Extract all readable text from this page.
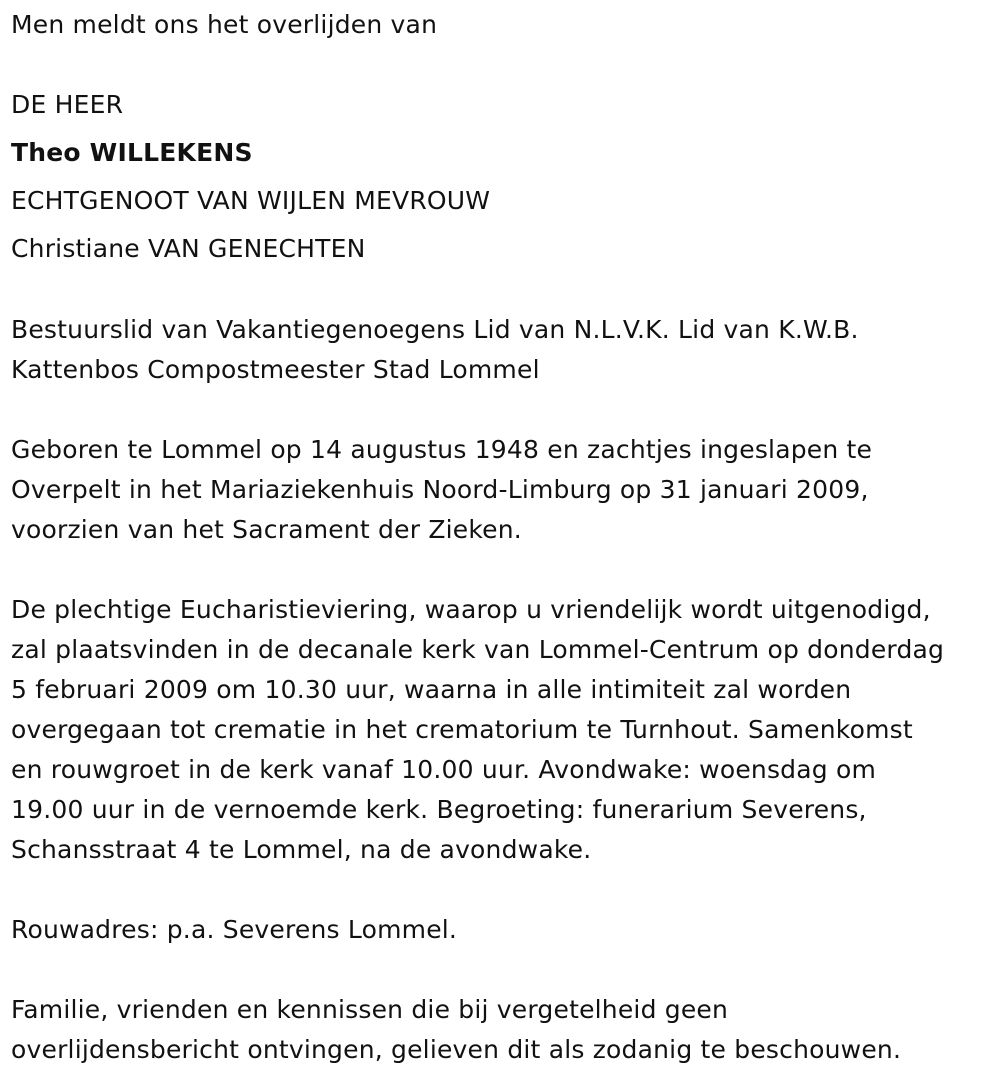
Men meldt ons het overlijden van
DE HEER
Theo WILLEKENS
ECHTGENOOT VAN WIJLEN MEVROUW
Christiane VAN GENECHTEN
Bestuurslid van Vakantiegenoegens Lid van N.L.V.K. Lid van K.W.B.
Kattenbos Compostmeester Stad Lommel
Geboren te Lommel op 14 augustus 1948 en zachtjes ingeslapen te
Overpelt in het Mariaziekenhuis Noord-Limburg op 31 januari 2009,
voorzien van het Sacrament der Zieken.
De plechtige Eucharistieviering, waarop u vriendelijk wordt uitgenodigd,
zal plaatsvinden in de decanale kerk van Lommel-Centrum op donderdag
5 februari 2009 om 10.30 uur, waarna in alle intimiteit zal worden
overgegaan tot crematie in het crematorium te Turnhout. Samenkomst
en rouwgroet in de kerk vanaf 10.00 uur. Avondwake: woensdag om
19.00 uur in de vernoemde kerk. Begroeting: funerarium Severens,
Schansstraat 4 te Lommel, na de avondwake.
Rouwadres: p.a. Severens Lommel.
Familie, vrienden en kennissen die bij vergetelheid geen
overlijdensbericht ontvingen, gelieven dit als zodanig te beschouwen.
